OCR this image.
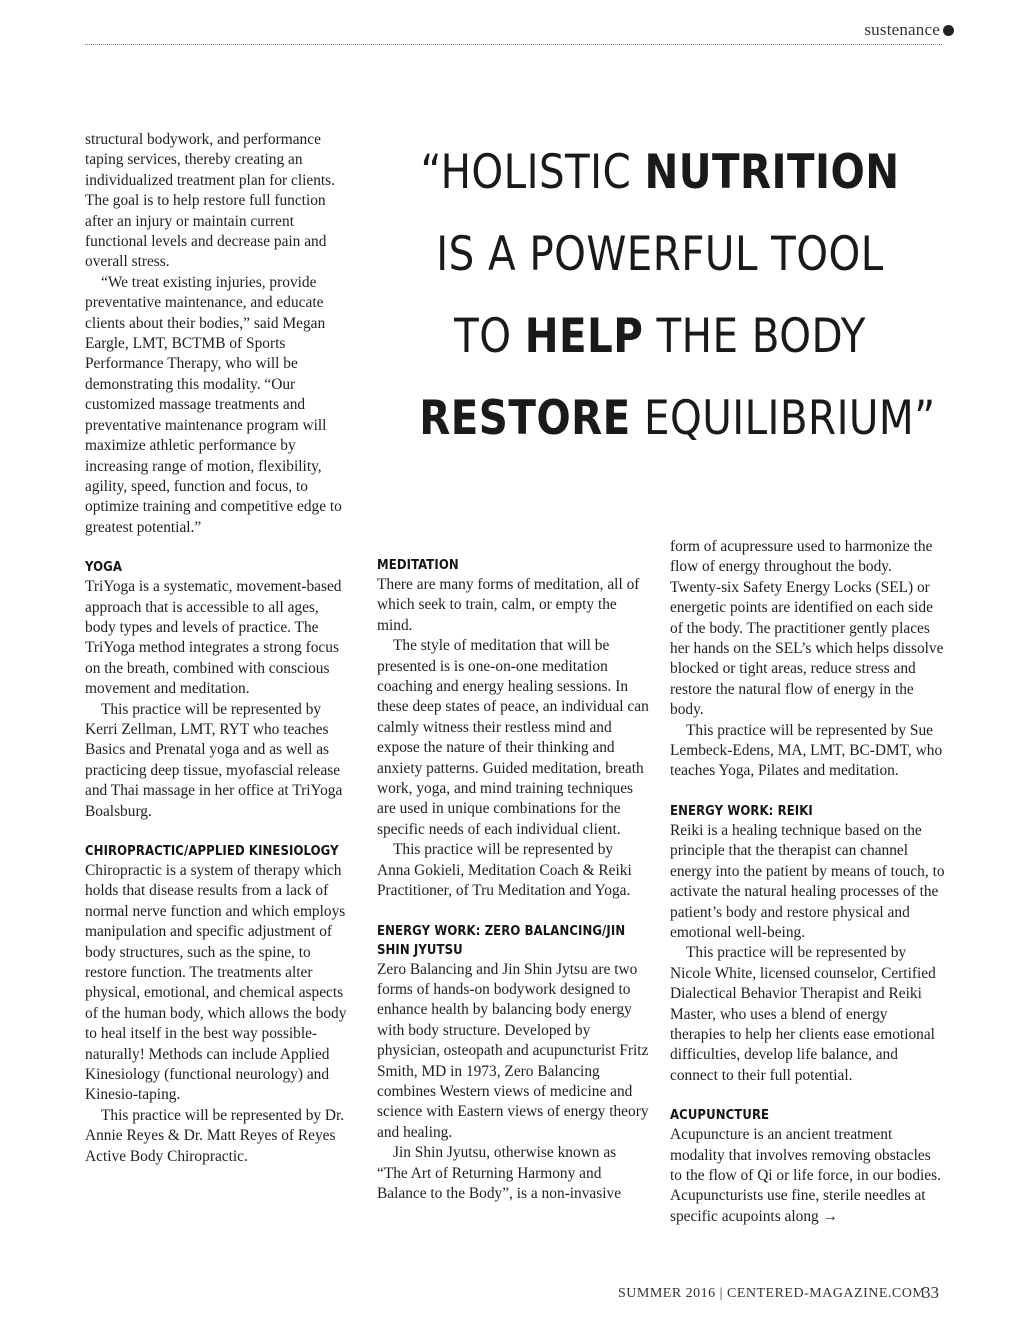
sustenance
“HOLISTIC NUTRITION
IS A POWERFUL TOOL
TO HELP THE BODY
RESTORE EQUILIBRIUM”

structural bodywork, and performance taping services, thereby creating an individualized treatment plan for clients. The goal is to help restore full function after an injury or maintain current functional levels and decrease pain and overall stress.

“We treat existing injuries, provide preventative maintenance, and educate clients about their bodies,” said Megan Eargle, LMT, BCTMB of Sports Performance Therapy, who will be demonstrating this modality. “Our customized massage treatments and preventative maintenance program will maximize athletic performance by increasing range of motion, flexibility, agility, speed, function and focus, to optimize training and competitive edge to greatest potential.”

YOGA

TriYoga is a systematic, movement-based approach that is accessible to all ages, body types and levels of practice. The TriYoga method integrates a strong focus on the breath, combined with conscious movement and meditation.

This practice will be represented by Kerri Zellman, LMT, RYT who teaches Basics and Prenatal yoga and as well as practicing deep tissue, myofascial release and Thai massage in her office at TriYoga Boalsburg.

CHIROPRACTIC/APPLIED KINESIOLOGY

Chiropractic is a system of therapy which holds that disease results from a lack of normal nerve function and which employs manipulation and specific adjustment of body structures, such as the spine, to restore function. The treatments alter physical, emotional, and chemical aspects of the human body, which allows the body to heal itself in the best way possible- naturally! Methods can include Applied Kinesiology (functional neurology) and Kinesio-taping.

This practice will be represented by Dr. Annie Reyes & Dr. Matt Reyes of Reyes Active Body Chiropractic.

MEDITATION

There are many forms of meditation, all of which seek to train, calm, or empty the mind.

The style of meditation that will be presented is is one-on-one meditation coaching and energy healing sessions. In these deep states of peace, an individual can calmly witness their restless mind and expose the nature of their thinking and anxiety patterns. Guided meditation, breath work, yoga, and mind training techniques are used in unique combinations for the specific needs of each individual client.

This practice will be represented by Anna Gokieli, Meditation Coach & Reiki Practitioner, of Tru Meditation and Yoga.

ENERGY WORK: ZERO BALANCING/JIN SHIN JYUTSU

Zero Balancing and Jin Shin Jytsu are two forms of hands-on bodywork designed to enhance health by balancing body energy with body structure. Developed by physician, osteopath and acupuncturist Fritz Smith, MD in 1973, Zero Balancing combines Western views of medicine and science with Eastern views of energy theory and healing.

Jin Shin Jyutsu, otherwise known as “The Art of Returning Harmony and Balance to the Body”, is a non-invasive

form of acupressure used to harmonize the flow of energy throughout the body. Twenty-six Safety Energy Locks (SEL) or energetic points are identified on each side of the body. The practitioner gently places her hands on the SEL’s which helps dissolve blocked or tight areas, reduce stress and restore the natural flow of energy in the body.

This practice will be represented by Sue Lembeck-Edens, MA, LMT, BC-DMT, who teaches Yoga, Pilates and meditation.

ENERGY WORK: REIKI

Reiki is a healing technique based on the principle that the therapist can channel energy into the patient by means of touch, to activate the natural healing processes of the patient’s body and restore physical and emotional well-being.

This practice will be represented by Nicole White, licensed counselor, Certified Dialectical Behavior Therapist and Reiki Master, who uses a blend of energy therapies to help her clients ease emotional difficulties, develop life balance, and connect to their full potential.

ACUPUNCTURE

Acupuncture is an ancient treatment modality that involves removing obstacles to the flow of Qi or life force, in our bodies. Acupuncturists use fine, sterile needles at specific acupoints along →

SUMMER 2016 | CENTERED-MAGAZINE.COM
33
